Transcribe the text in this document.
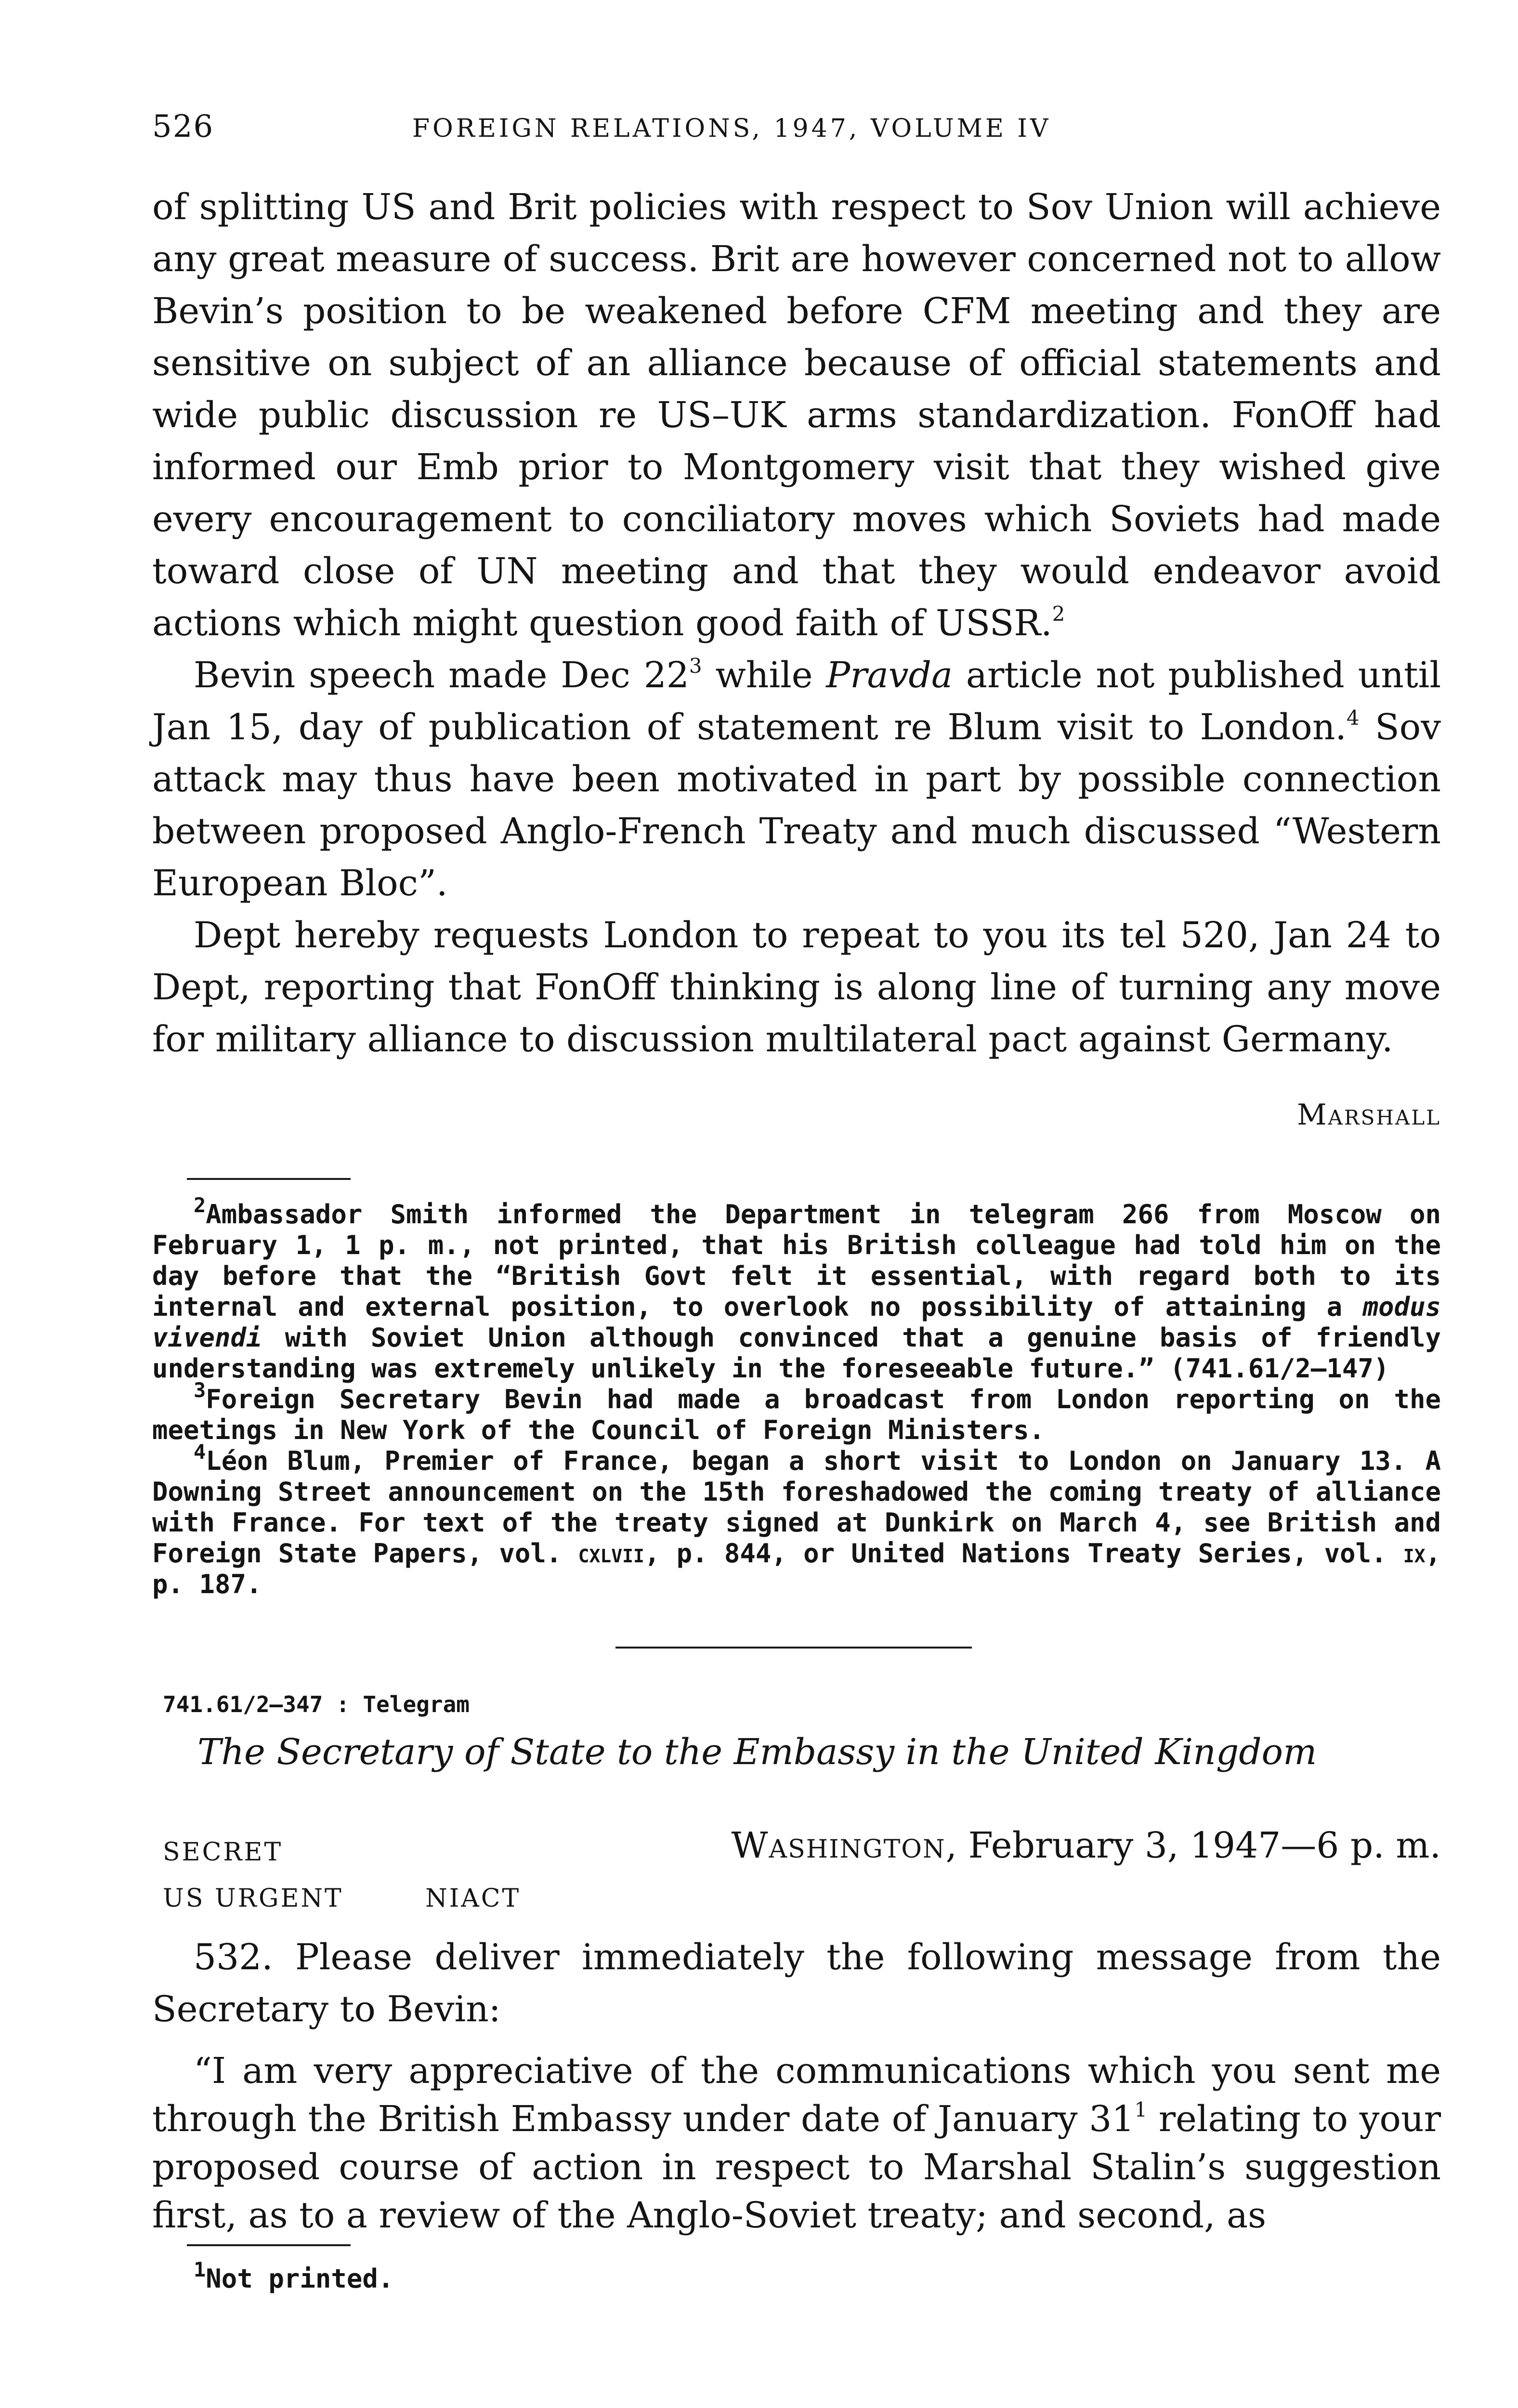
526	FOREIGN RELATIONS, 1947, VOLUME IV

of splitting US and Brit policies with respect to Sov Union will achieve any great measure of success. Brit are however concerned not to allow Bevin’s position to be weakened before CFM meeting and they are sensitive on subject of an alliance because of official statements and wide public discussion re US–UK arms standardization. FonOff had informed our Emb prior to Montgomery visit that they wished give every encouragement to conciliatory moves which Soviets had made toward close of UN meeting and that they would endeavor avoid actions which might question good faith of USSR.$^2$

Bevin speech made Dec $22^3$ while Pravda article not published until Jan 15, day of publication of statement re Blum visit to London.$^4$ Sov attack may thus have been motivated in part by possible connection between proposed Anglo-French Treaty and much discussed “Western European Bloc”.

Dept hereby requests London to repeat to you its tel 520, Jan 24 to Dept, reporting that FonOff thinking is along line of turning any move for military alliance to discussion multilateral pact against Germany.

Marshall

$^2$Ambassador Smith informed the Department in telegram 266 from Moscow on February 1, 1 p. m., not printed, that his British colleague had told him on the day before that the “British Govt felt it essential, with regard both to its internal and external position, to overlook no possibility of attaining a modus vivendi with Soviet Union although convinced that a genuine basis of friendly understanding was extremely unlikely in the foreseeable future.” (741.61/2–147)

$^3$Foreign Secretary Bevin had made a broadcast from London reporting on the meetings in New York of the Council of Foreign Ministers.

$^4$Léon Blum, Premier of France, began a short visit to London on January 13. A Downing Street announcement on the 15th foreshadowed the coming treaty of alliance with France. For text of the treaty signed at Dunkirk on March 4, see British and Foreign State Papers, vol. cxlvii, p. 844, or United Nations Treaty Series, vol. ix, p. 187.

741.61/2–347 : Telegram
The Secretary of State to the Embassy in the United Kingdom
SECRET	Washington, February 3, 1947—6 p. m.
US URGENT	NIACT

532. Please deliver immediately the following message from the Secretary to Bevin:

“I am very appreciative of the communications which you sent me through the British Embassy under date of January $31^1$ relating to your proposed course of action in respect to Marshal Stalin’s suggestion first, as to a review of the Anglo-Soviet treaty; and second, as

$^1$Not printed.
